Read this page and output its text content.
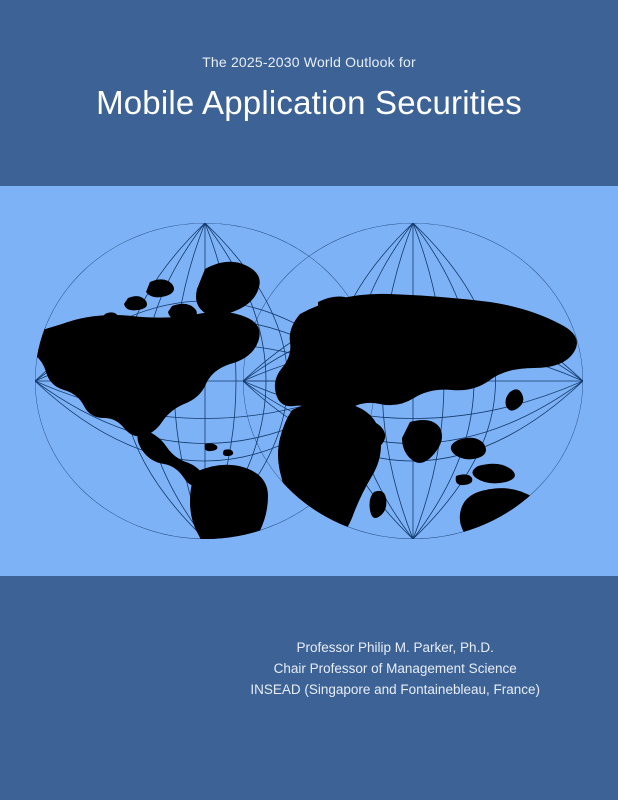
The 2025-2030 World Outlook for

Mobile Application Securities
Professor Philip M. Parker, Ph.D.
Chair Professor of Management Science
INSEAD (Singapore and Fontainebleau, France)
